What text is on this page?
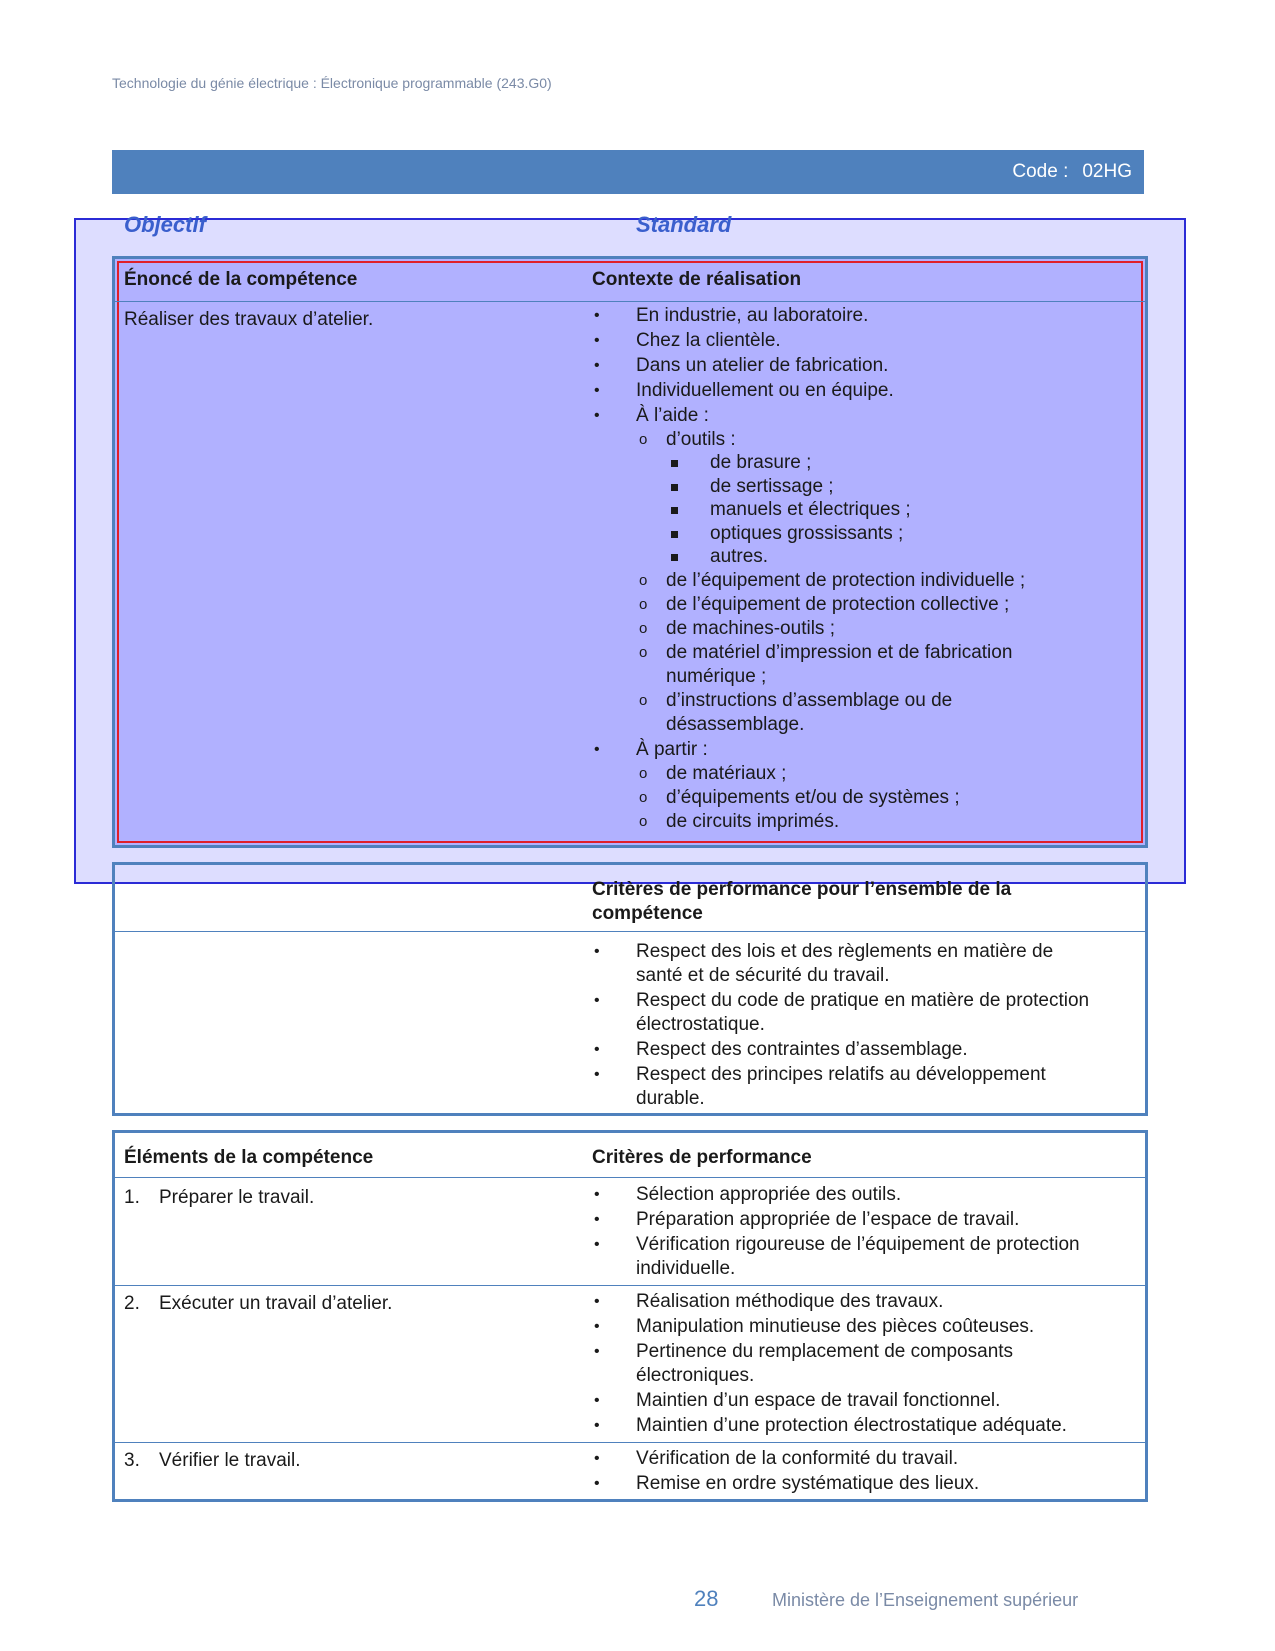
Technologie du génie électrique : Électronique programmable (243.G0)
Code : 02HG
Objectif	Standard
Énoncé de la compétence	Contexte de réalisation
Réaliser des travaux d’atelier.	• En industrie, au laboratoire.
• Chez la clientèle.
• Dans un atelier de fabrication.
• Individuellement ou en équipe.
• À l’aide :
o d’outils :
de brasure ;
de sertissage ;
manuels et électriques ;
optiques grossissants ;
autres.
o de l’équipement de protection individuelle ;
o de l’équipement de protection collective ;
o de machines-outils ;
o de matériel d’impression et de fabrication
numérique ;
o d’instructions d’assemblage ou de
désassemblage.
• À partir :
o de matériaux ;
o d’équipements et/ou de systèmes ;
o de circuits imprimés.
Critères de performance pour l’ensemble de la
compétence
• Respect des lois et des règlements en matière de
santé et de sécurité du travail.
• Respect du code de pratique en matière de protection
électrostatique.
• Respect des contraintes d’assemblage.
• Respect des principes relatifs au développement
durable.
Éléments de la compétence	Critères de performance
1. Préparer le travail.	• Sélection appropriée des outils.
• Préparation appropriée de l’espace de travail.
• Vérification rigoureuse de l’équipement de protection
individuelle.
2. Exécuter un travail d’atelier.	• Réalisation méthodique des travaux.
• Manipulation minutieuse des pièces coûteuses.
• Pertinence du remplacement de composants
électroniques.
• Maintien d’un espace de travail fonctionnel.
• Maintien d’une protection électrostatique adéquate.
3. Vérifier le travail.	• Vérification de la conformité du travail.
• Remise en ordre systématique des lieux.
28	Ministère de l’Enseignement supérieur
